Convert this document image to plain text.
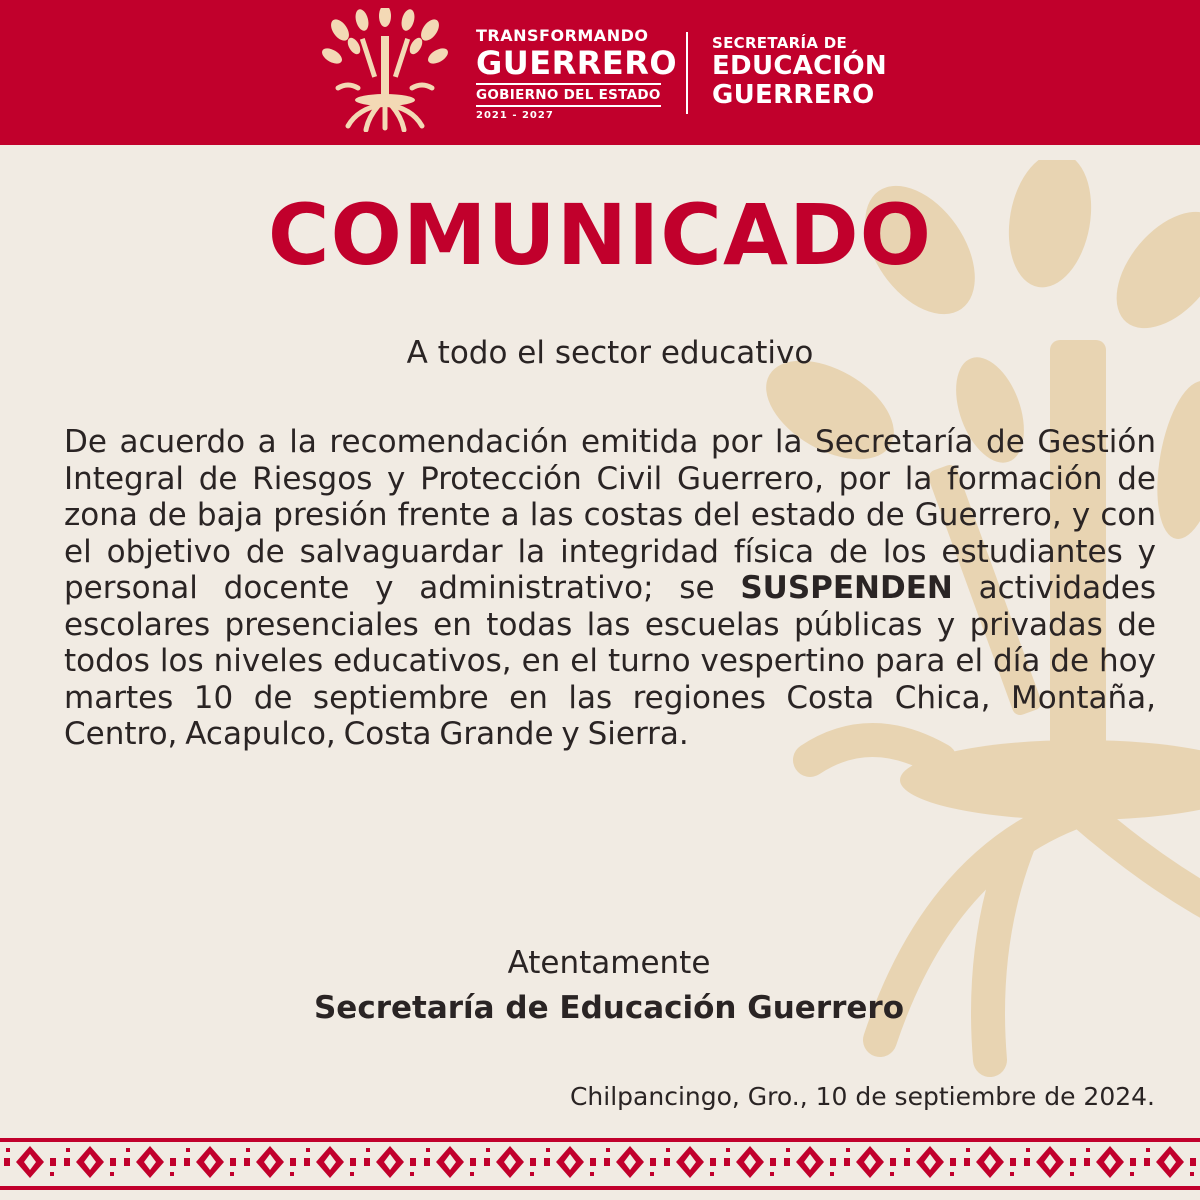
TRANSFORMANDO
GUERRERO
GOBIERNO DEL ESTADO
2021 - 2027
SECRETARÍA DE
EDUCACIÓN
GUERRERO
COMUNICADO
A todo el sector educativo
De acuerdo a la recomendación emitida por la Secretaría de Gestión Integral de Riesgos y Protección Civil Guerrero, por la formación de zona de baja presión frente a las costas del estado de Guerrero, y con el objetivo de salvaguardar la integridad física de los estudiantes y personal docente y administrativo; se SUSPENDEN actividades escolares presenciales en todas las escuelas públicas y privadas de todos los niveles educativos, en el turno vespertino para el día de hoy martes 10 de septiembre en las regiones Costa Chica, Montaña, Centro, Acapulco, Costa Grande y Sierra.
Atentamente
Secretaría de Educación Guerrero
Chilpancingo, Gro., 10 de septiembre de 2024.
